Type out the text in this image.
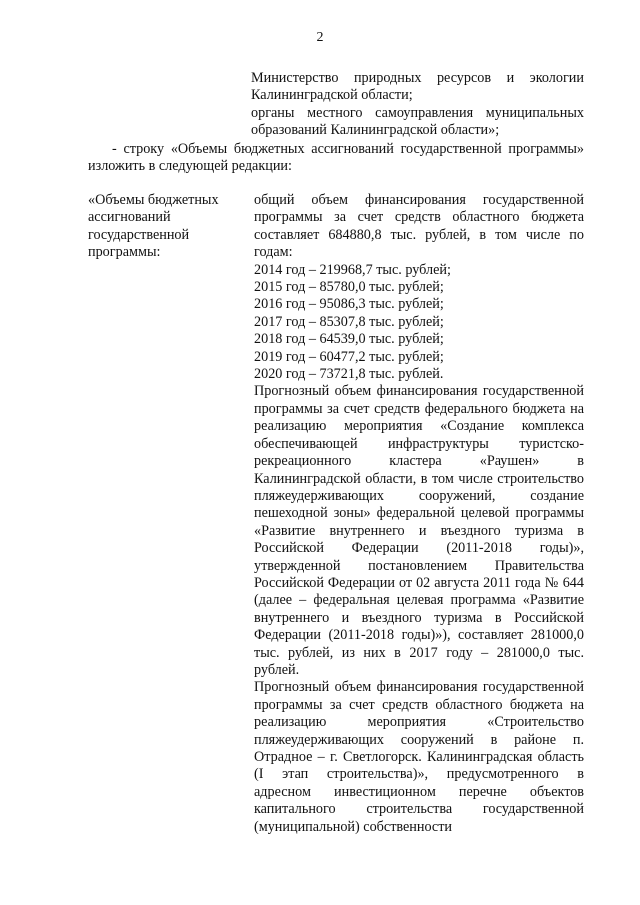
2

Министерство природных ресурсов и экологии Калининградской области;

органы местного самоуправления муниципальных образований Калининградской области»;

- строку «Объемы бюджетных ассигнований государственной программы» изложить в следующей редакции:

«Объемы бюджетных ассигнований государственной программы:

общий объем финансирования государственной программы за счет средств областного бюджета составляет 684880,8 тыс. рублей, в том числе по годам:

2014 год – 219968,7 тыс. рублей;
2015 год – 85780,0 тыс. рублей;
2016 год – 95086,3 тыс. рублей;
2017 год – 85307,8 тыс. рублей;
2018 год – 64539,0 тыс. рублей;
2019 год – 60477,2 тыс. рублей;
2020 год – 73721,8 тыс. рублей.

Прогнозный объем финансирования государственной программы за счет средств федерального бюджета на реализацию мероприятия «Создание комплекса обеспечивающей инфраструктуры туристско-рекреационного кластера «Раушен» в Калининградской области, в том числе строительство пляжеудерживающих сооружений, создание пешеходной зоны» федеральной целевой программы «Развитие внутреннего и въездного туризма в Российской Федерации (2011-2018 годы)», утвержденной постановлением Правительства Российской Федерации от 02 августа 2011 года № 644 (далее – федеральная целевая программа «Развитие внутреннего и въездного туризма в Российской Федерации (2011-2018 годы)»), составляет 281000,0 тыс. рублей, из них в 2017 году – 281000,0 тыс. рублей.

Прогнозный объем финансирования государственной программы за счет средств областного бюджета на реализацию мероприятия «Строительство пляжеудерживающих сооружений в районе п. Отрадное – г. Светлогорск. Калининградская область (I этап строительства)», предусмотренного в адресном инвестиционном перечне объектов капитального строительства государственной (муниципальной) собственности
